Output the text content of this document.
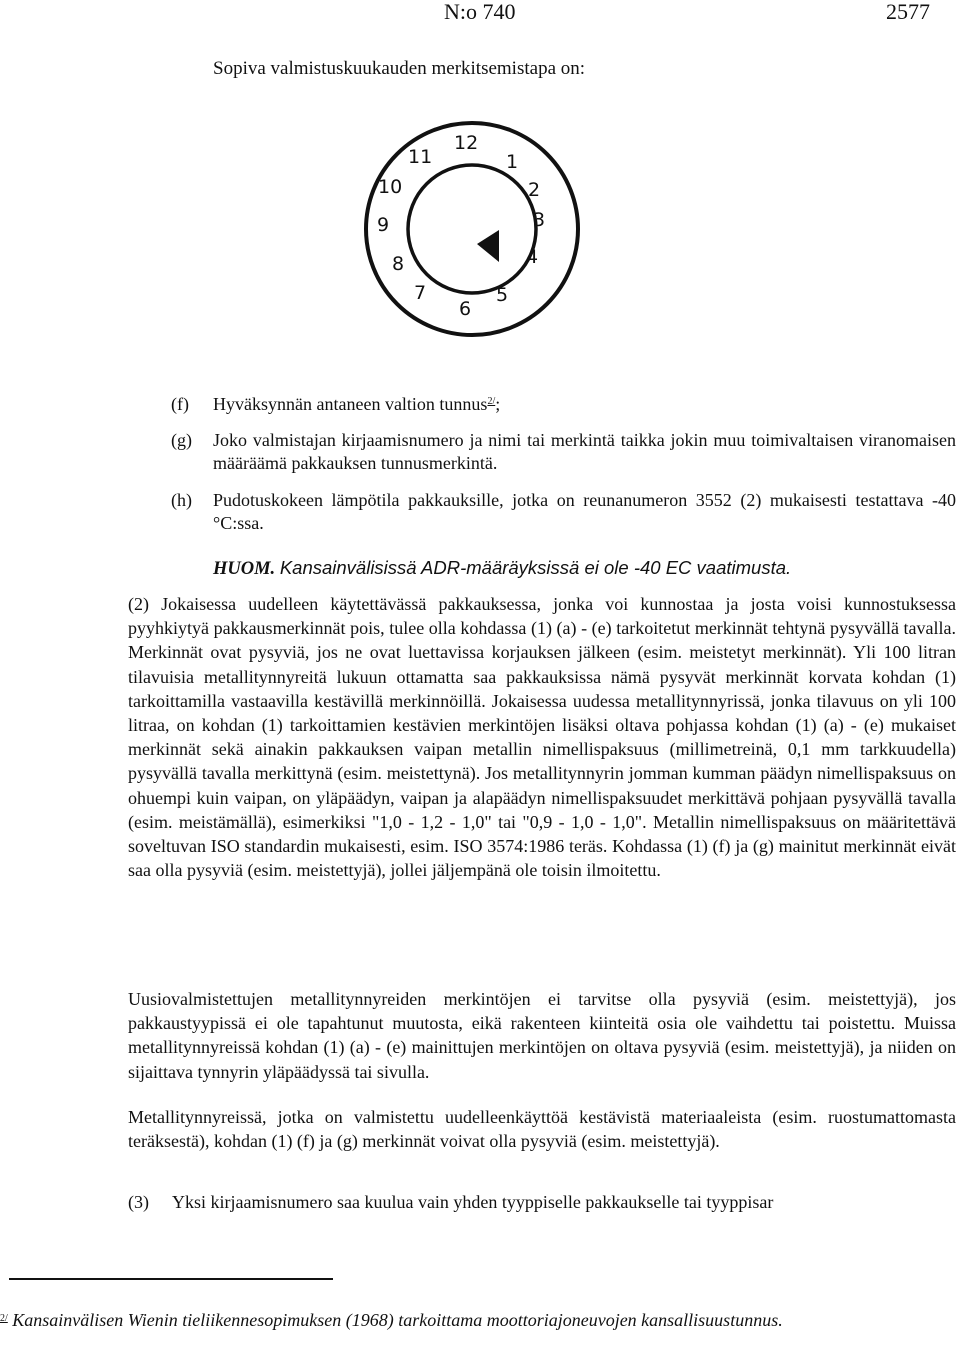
N:o 740	2577
Sopiva valmistuskuukauden merkitsemistapa on:
12
1
2
3
4
5
6
7
8
9
10
11
(f) Hyväksynnän antaneen valtion tunnus$^{2/}$;
(g) Joko valmistajan kirjaamisnumero ja nimi tai merkintä taikka jokin muu toimivaltaisen viranomaisen määräämä pakkauksen tunnusmerkintä.
(h) Pudotuskokeen lämpötila pakkauksille, jotka on reunanumeron 3552 (2) mukaisesti testattava -40 °C:ssa.
HUOM. Kansainvälisissä ADR-määräyksissä ei ole -40 EC vaatimusta.
(2) Jokaisessa uudelleen käytettävässä pakkauksessa, jonka voi kunnostaa ja josta voisi kunnostuksessa pyyhkiytyä pakkausmerkinnät pois, tulee olla kohdassa (1) (a) - (e) tarkoitetut merkinnät tehtynä pysyvällä tavalla. Merkinnät ovat pysyviä, jos ne ovat luettavissa korjauksen jälkeen (esim. meistetyt merkinnät). Yli 100 litran tilavuisia metallitynnyreitä lukuun ottamatta saa pakkauksissa nämä pysyvät merkinnät korvata kohdan (1) tarkoittamilla vastaavilla kestävillä merkinnöillä. Jokaisessa uudessa metallitynnyrissä, jonka tilavuus on yli 100 litraa, on kohdan (1) tarkoittamien kestävien merkintöjen lisäksi oltava pohjassa kohdan (1) (a) - (e) mukaiset merkinnät sekä ainakin pakkauksen vaipan metallin nimellispaksuus (millimetreinä, 0,1 mm tarkkuudella) pysyvällä tavalla merkittynä (esim. meistettynä). Jos metallitynnyrin jomman kumman päädyn nimellispaksuus on ohuempi kuin vaipan, on yläpäädyn, vaipan ja alapäädyn nimellispaksuudet merkittävä pohjaan pysyvällä tavalla (esim. meistämällä), esimerkiksi "1,0 - 1,2 - 1,0" tai "0,9 - 1,0 - 1,0". Metallin nimellispaksuus on määritettävä soveltuvan ISO standardin mukaisesti, esim. ISO 3574:1986 teräs. Kohdassa (1) (f) ja (g) mainitut merkinnät eivät saa olla pysyviä (esim. meistettyjä), jollei jäljempänä ole toisin ilmoitettu.
Uusiovalmistettujen metallitynnyreiden merkintöjen ei tarvitse olla pysyviä (esim. meistettyjä), jos pakkaustyypissä ei ole tapahtunut muutosta, eikä rakenteen kiinteitä osia ole vaihdettu tai poistettu. Muissa metallitynnyreissä kohdan (1) (a) - (e) mainittujen merkintöjen on oltava pysyviä (esim. meistettyjä), ja niiden on sijaittava tynnyrin yläpäädyssä tai sivulla.
Metallitynnyreissä, jotka on valmistettu uudelleenkäyttöä kestävistä materiaaleista (esim. ruostumattomasta teräksestä), kohdan (1) (f) ja (g) merkinnät voivat olla pysyviä (esim. meistettyjä).
(3) Yksi kirjaamisnumero saa kuulua vain yhden tyyppiselle pakkaukselle tai tyyppisar
$^{2/}$ Kansainvälisen Wienin tieliikennesopimuksen (1968) tarkoittama moottoriajoneuvojen kansallisuustunnus.
